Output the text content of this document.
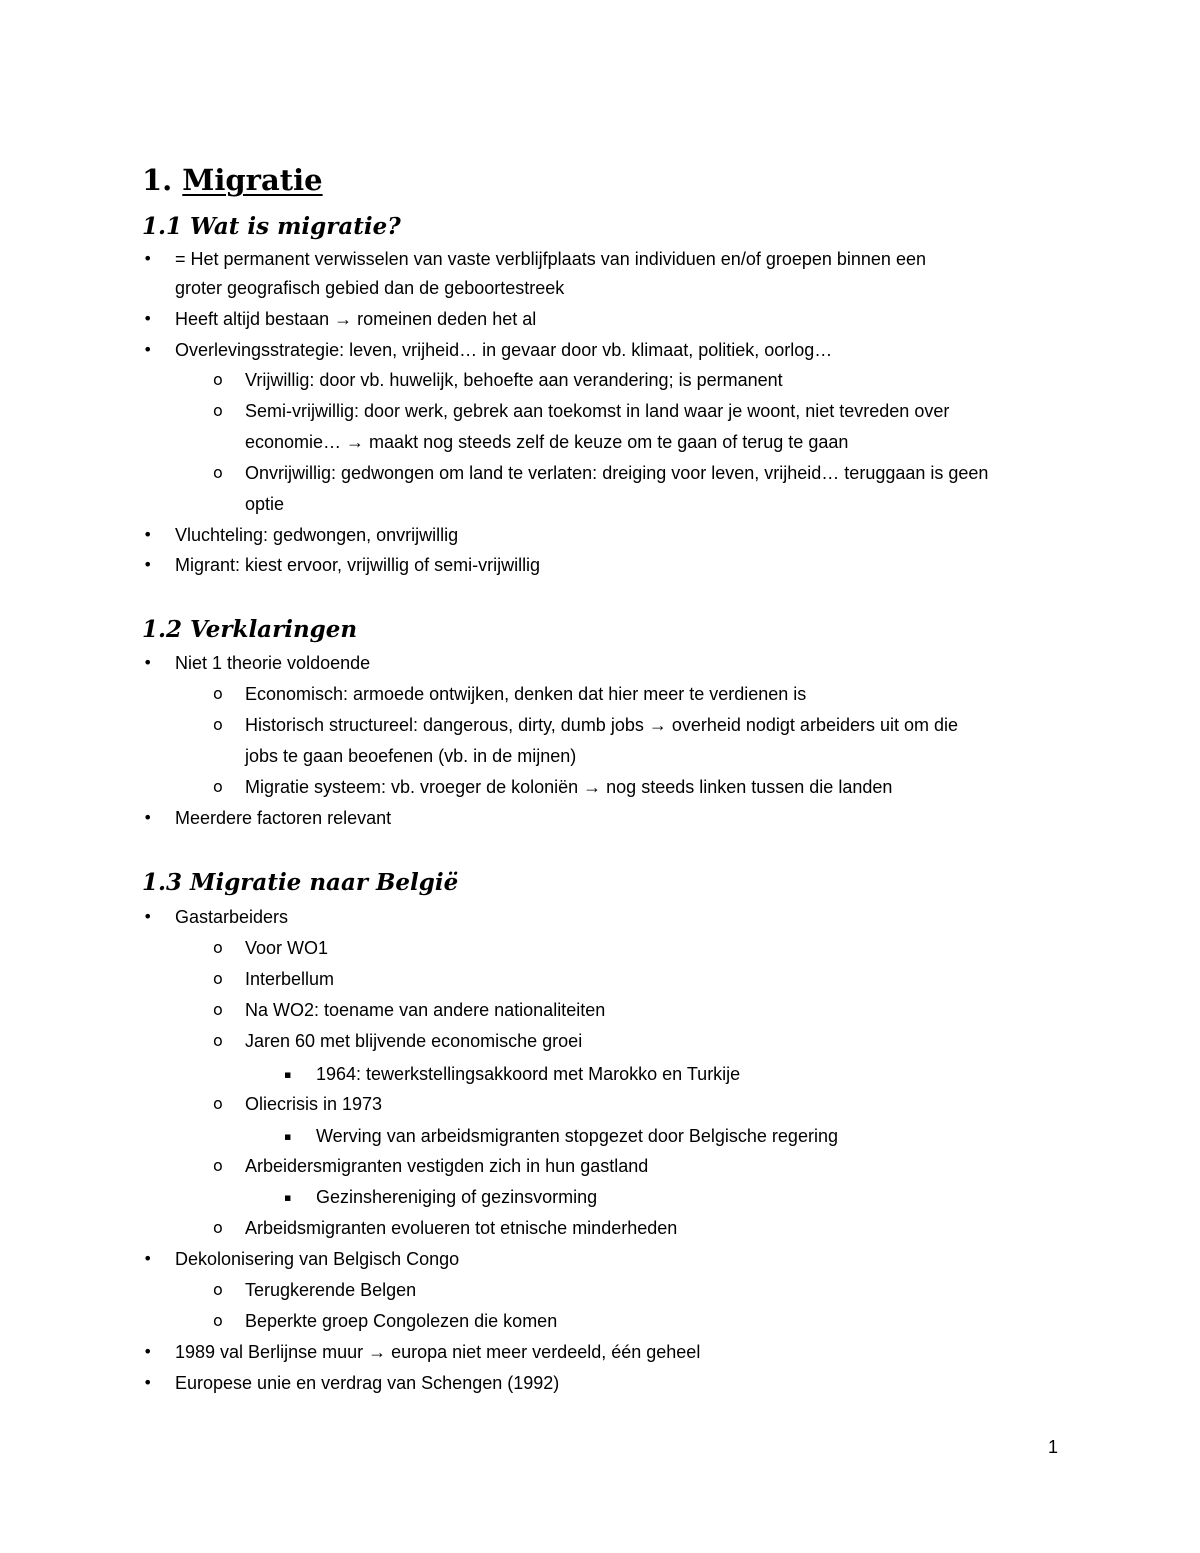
1. Migratie
1.1 Wat is migratie?
• = Het permanent verwisselen van vaste verblijfplaats van individuen en/of groepen binnen een
groter geografisch gebied dan de geboortestreek
• Heeft altijd bestaan → romeinen deden het al
• Overlevingsstrategie: leven, vrijheid… in gevaar door vb. klimaat, politiek, oorlog…
o Vrijwillig: door vb. huwelijk, behoefte aan verandering; is permanent
o Semi-vrijwillig: door werk, gebrek aan toekomst in land waar je woont, niet tevreden over
economie… → maakt nog steeds zelf de keuze om te gaan of terug te gaan
o Onvrijwillig: gedwongen om land te verlaten: dreiging voor leven, vrijheid… teruggaan is geen
optie
• Vluchteling: gedwongen, onvrijwillig
• Migrant: kiest ervoor, vrijwillig of semi-vrijwillig
1.2 Verklaringen
• Niet 1 theorie voldoende
o Economisch: armoede ontwijken, denken dat hier meer te verdienen is
o Historisch structureel: dangerous, dirty, dumb jobs → overheid nodigt arbeiders uit om die
jobs te gaan beoefenen (vb. in de mijnen)
o Migratie systeem: vb. vroeger de koloniën → nog steeds linken tussen die landen
• Meerdere factoren relevant
1.3 Migratie naar België
• Gastarbeiders
o Voor WO1
o Interbellum
o Na WO2: toename van andere nationaliteiten
o Jaren 60 met blijvende economische groei
▪ 1964: tewerkstellingsakkoord met Marokko en Turkije
o Oliecrisis in 1973
▪ Werving van arbeidsmigranten stopgezet door Belgische regering
o Arbeidersmigranten vestigden zich in hun gastland
▪ Gezinshereniging of gezinsvorming
o Arbeidsmigranten evolueren tot etnische minderheden
• Dekolonisering van Belgisch Congo
o Terugkerende Belgen
o Beperkte groep Congolezen die komen
• 1989 val Berlijnse muur → europa niet meer verdeeld, één geheel
• Europese unie en verdrag van Schengen (1992)
1
